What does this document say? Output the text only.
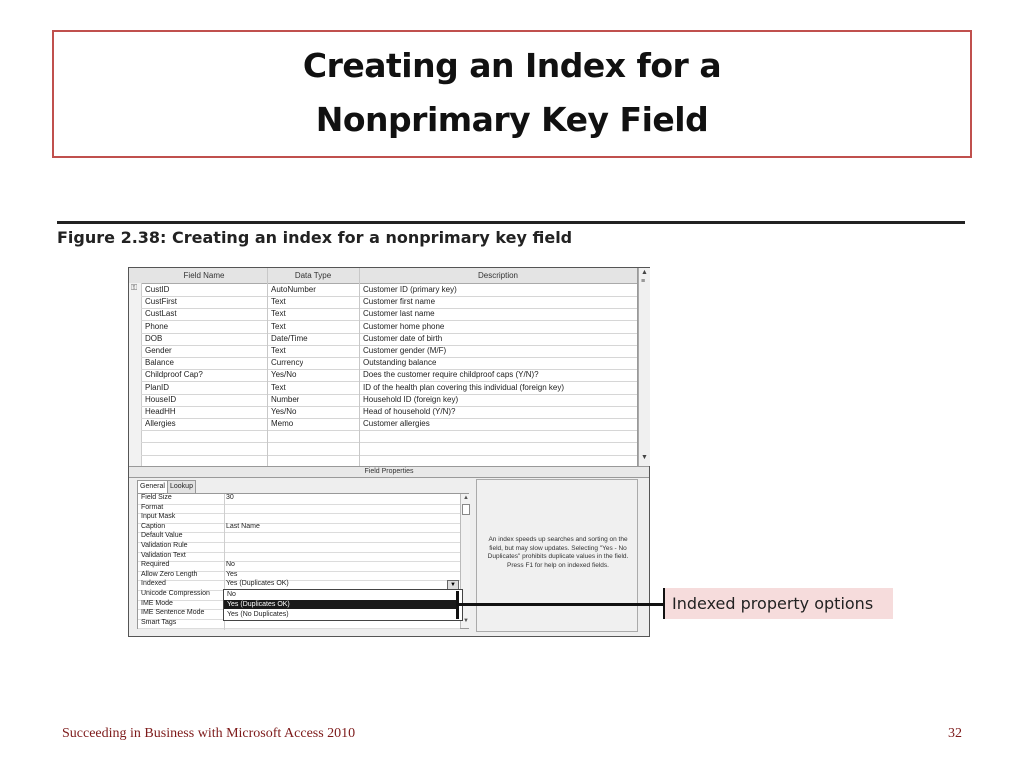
Creating an Index for a
Nonprimary Key Field
Figure 2.38: Creating an index for a nonprimary key field
Field Name	Data Type	Description
⚿ CustID	AutoNumber	Customer ID (primary key)
CustFirst	Text	Customer first name
CustLast	Text	Customer last name
Phone	Text	Customer home phone
DOB	Date/Time	Customer date of birth
Gender	Text	Customer gender (M/F)
Balance	Currency	Outstanding balance
Childproof Cap?	Yes/No	Does the customer require childproof caps (Y/N)?
PlanID	Text	ID of the health plan covering this individual (foreign key)
HouseID	Number	Household ID (foreign key)
HeadHH	Yes/No	Head of household (Y/N)?
Allergies	Memo	Customer allergies
▲
≡
▼
Field Properties
General Lookup
Field Size	30
Format
Input Mask
Caption	Last Name
Default Value
Validation Rule
Validation Text
Required	No
Allow Zero Length	Yes
Indexed	Yes (Duplicates OK)
Unicode Compression
IME Mode
IME Sentence Mode
Smart Tags
▲
▼
▼
No
Yes (Duplicates OK)
Yes (No Duplicates)
An index speeds up searches and sorting on the field, but may slow updates. Selecting "Yes - No Duplicates" prohibits duplicate values in the field. Press F1 for help on indexed fields.
Indexed property options
Succeeding in Business with Microsoft Access 2010	32
